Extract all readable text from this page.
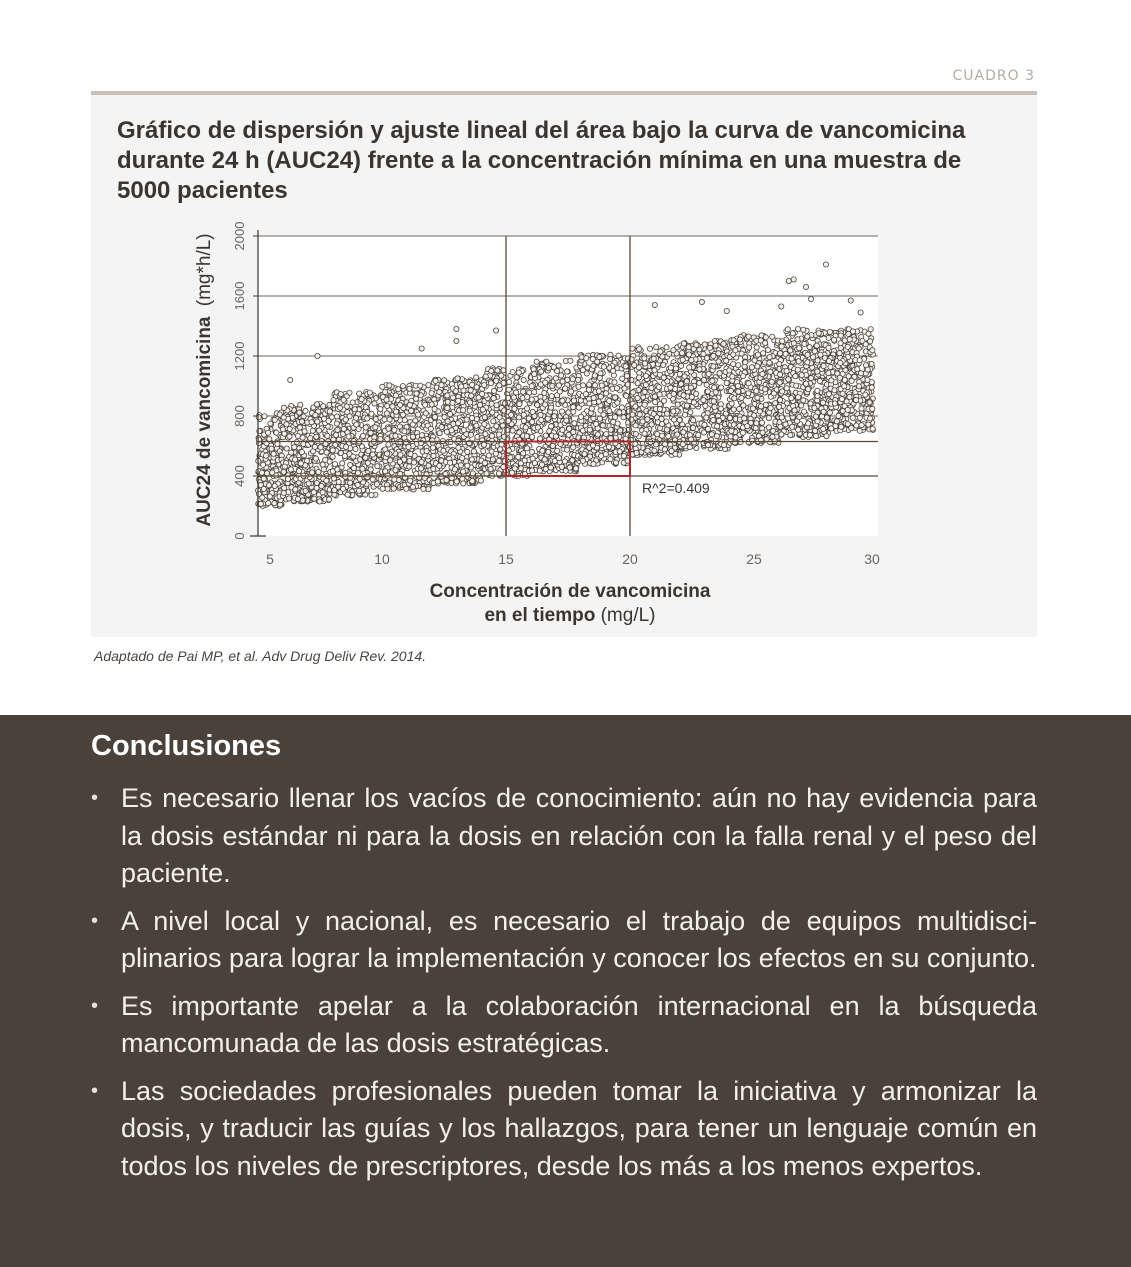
CUADRO 3
Gráfico de dispersión y ajuste lineal del área bajo la curva de vancomicina durante 24 h (AUC24) frente a la concentración mínima en una muestra de 5000 pacientes
AUC24 de vancomicina (mg*h/L)
0
400
800
1200
1600
2000
5	10	15	20	25	30
R^2=0.409
Concentración de vancomicina
en el tiempo (mg/L)

Adaptado de Pai MP, et al. Adv Drug Deliv Rev. 2014.

Conclusiones
• Es necesario llenar los vacíos de conocimiento: aún no hay evidencia para la dosis estándar ni para la dosis en relación con la falla renal y el peso del paciente.
• A nivel local y nacional, es necesario el trabajo de equipos multidisci-plinarios para lograr la implementación y conocer los efectos en su conjunto.
• Es importante apelar a la colaboración internacional en la búsqueda mancomunada de las dosis estratégicas.
• Las sociedades profesionales pueden tomar la iniciativa y armonizar la dosis, y traducir las guías y los hallazgos, para tener un lenguaje común en todos los niveles de prescriptores, desde los más a los menos expertos.
